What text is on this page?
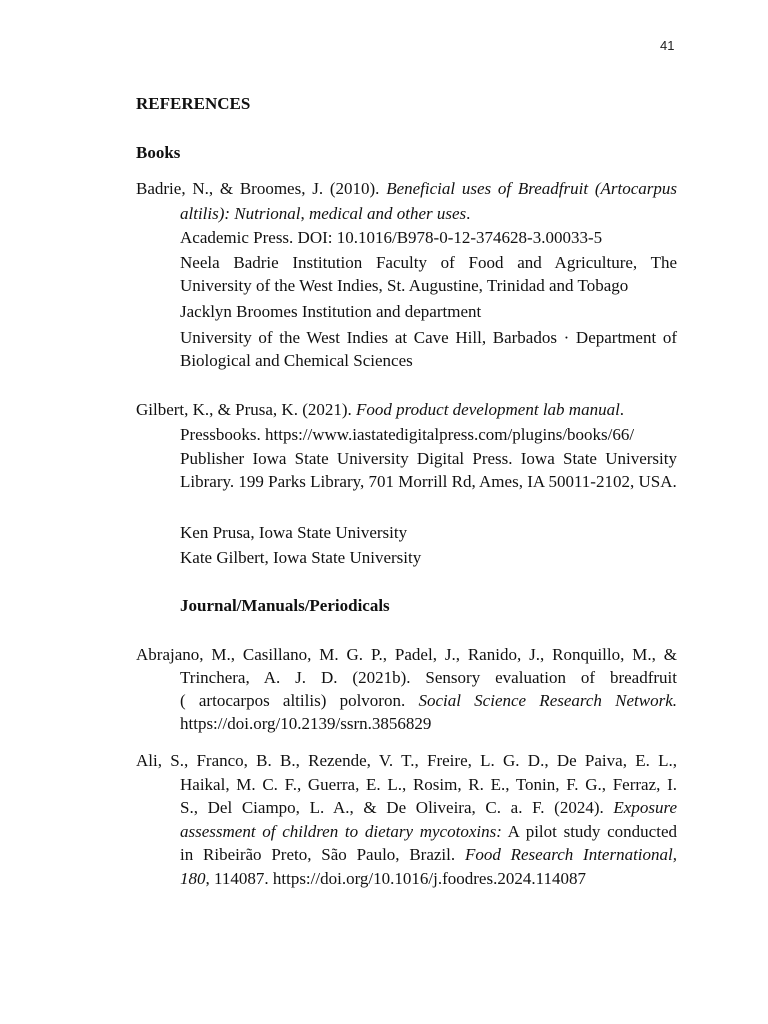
41
REFERENCES
Books
Badrie, N., & Broomes, J. (2010). Beneficial uses of Breadfruit (Artocarpus
altilis): Nutrional, medical and other uses.
Academic Press. DOI: 10.1016/B978-0-12-374628-3.00033-5
Neela Badrie Institution Faculty of Food and Agriculture, The University of the West Indies, St. Augustine, Trinidad and Tobago
Jacklyn Broomes Institution and department
University of the West Indies at Cave Hill, Barbados · Department of Biological and Chemical Sciences
Gilbert, K., & Prusa, K. (2021). Food product development lab manual.
Pressbooks. https://www.iastatedigitalpress.com/plugins/books/66/
Publisher Iowa State University Digital Press. Iowa State University Library. 199 Parks Library, 701 Morrill Rd, Ames, IA 50011-2102, USA.
Ken Prusa, Iowa State University
Kate Gilbert, Iowa State University
Journal/Manuals/Periodicals
Abrajano, M., Casillano, M. G. P., Padel, J., Ranido, J., Ronquillo, M., &
Trinchera, A. J. D. (2021b). Sensory evaluation of breadfruit
( artocarpos altilis) polvoron. Social Science Research Network.
https://doi.org/10.2139/ssrn.3856829
Ali, S., Franco, B. B., Rezende, V. T., Freire, L. G. D., De Paiva, E. L.,
Haikal, M. C. F., Guerra, E. L., Rosim, R. E., Tonin, F. G., Ferraz, I.
S., Del Ciampo, L. A., & De Oliveira, C. a. F. (2024). Exposure
assessment of children to dietary mycotoxins: A pilot study conducted
in Ribeirão Preto, São Paulo, Brazil. Food Research International,
180, 114087. https://doi.org/10.1016/j.foodres.2024.114087
